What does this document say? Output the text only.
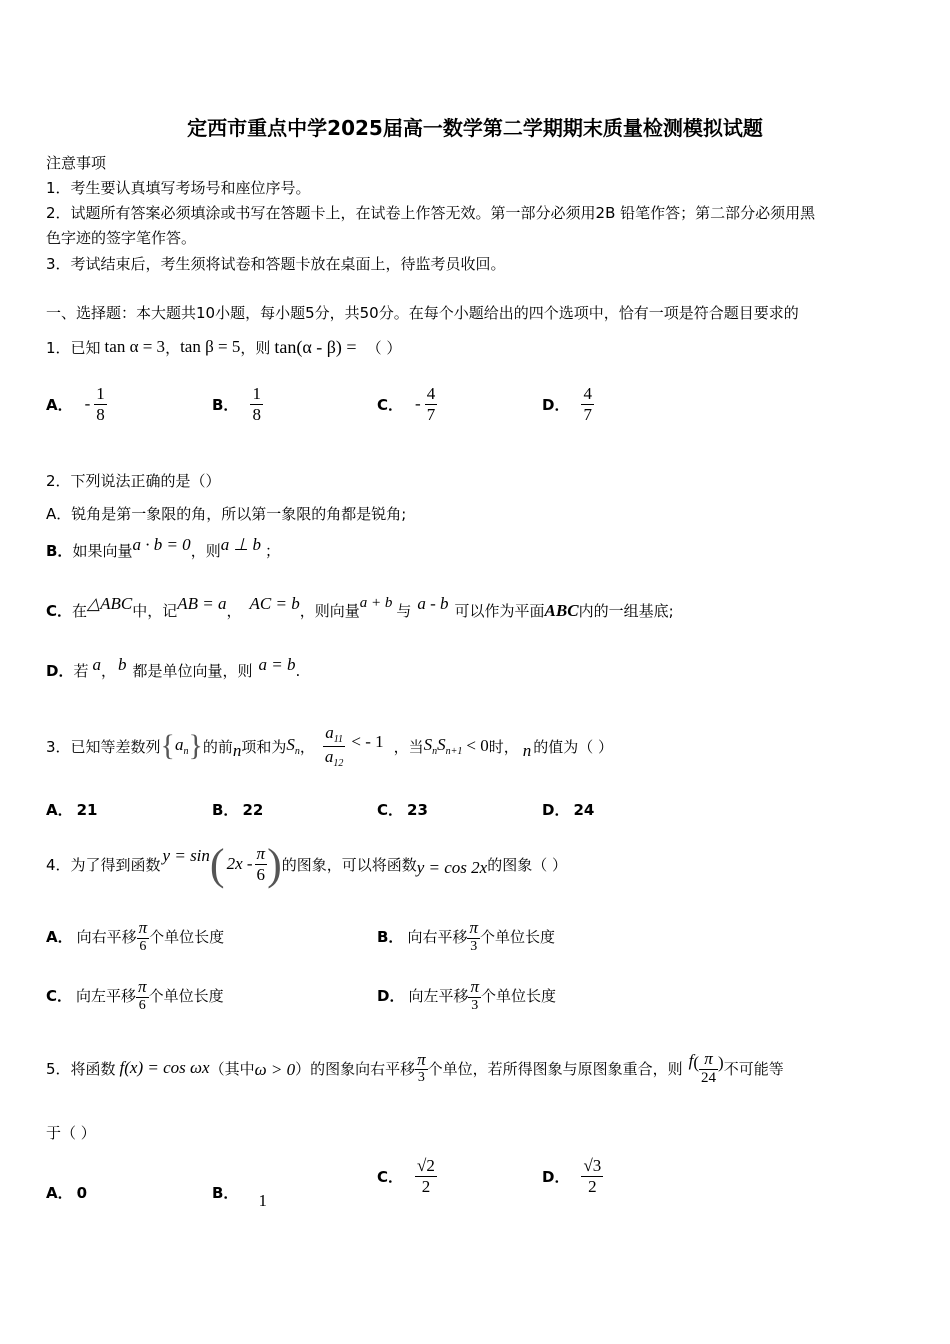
定西市重点中学2025届高一数学第二学期期末质量检测模拟试题
注意事项
1．考生要认真填写考场号和座位序号。
2．试题所有答案必须填涂或书写在答题卡上，在试卷上作答无效。第一部分必须用2B 铅笔作答；第二部分必须用黑
色字迹的签字笔作答。
3．考试结束后，考生须将试卷和答题卡放在桌面上，待监考员收回。
一、选择题：本大题共10小题，每小题5分，共50分。在每个小题给出的四个选项中，恰有一项是符合题目要求的
1．已知 tan α = 3 ， tan β = 5 ，则 tan(α - β) = （ ）
A． - $\frac{1}{8}$	B． $\frac{1}{8}$	C． - $\frac{4}{7}$	D． $\frac{4}{7}$
2．下列说法正确的是（）
A．锐角是第一象限的角，所以第一象限的角都是锐角;
B． 如果向量 a · b = 0 ，则 a ⊥ b ；
C． 在 △ABC 中，记 AB = a ， AC = b ，则向量 a + b 与 a - b 可以作为平面 ABC 内的一组基底;
D． 若 a ， b 都是单位向量，则 a = b .
3．已知等差数列 { $a_n$ } 的前 n 项和为 $S_n$ ， $\frac{a_{11}}{a_{12}}$ < - 1 ，当 $S_nS_{n+1} < 0$ 时， n 的值为（ ）
A． 21	B． 22	C． 23	D． 24
4．为了得到函数 y = sin ( $2x - \frac{\pi}{6}$ ) 的图象，可以将函数 y = cos 2x 的图象（ ）
A． 向右平移 $\frac{\pi}{6}$ 个单位长度	B． 向右平移 $\frac{\pi}{3}$ 个单位长度
C． 向左平移 $\frac{\pi}{6}$ 个单位长度	D． 向左平移 $\frac{\pi}{3}$ 个单位长度
5．将函数 f(x) = cos ωx （其中 ω > 0 ）的图象向右平移 $\frac{\pi}{3}$ 个单位，若所得图象与原图象重合，则 f ( $\frac{\pi}{24}$ ) 不可能等
于（ ）
A． 0	B． 1
C． $\frac{√2}{2}$	D． $\frac{√3}{2}$
